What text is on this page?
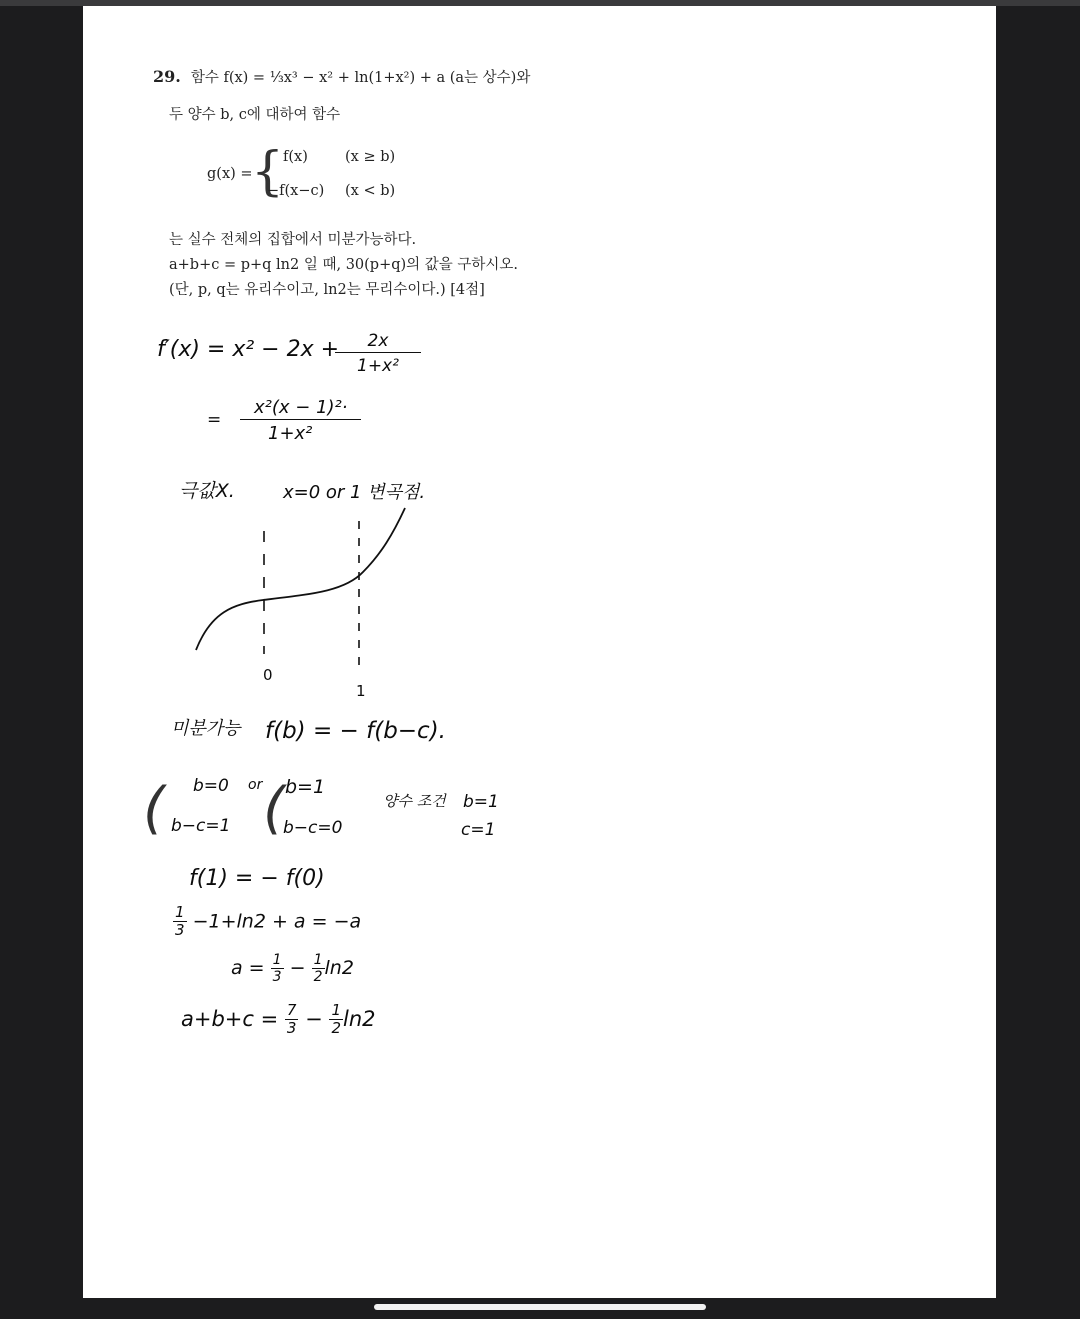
29. 함수 f(x) = ⅓x³ − x² + ln(1+x²) + a (a는 상수)와
두 양수 b, c에 대하여 함수
g(x) =
{
f(x)	(x ≥ b)
−f(x−c) (x < b)
는 실수 전체의 집합에서 미분가능하다.
a+b+c = p+q ln2 일 때, 30(p+q)의 값을 구하시오.
(단, p, q는 유리수이고, ln2는 무리수이다.) [4점]
f′(x) = x² − 2x +
$\frac{2x}{\text{1+x²}}$
= $\frac{\text{x²(x − 1)²·}}{\text{1+x²}}$
극값X.	x=0 or 1 변곡점.
0
1
미분가능 f(b) = − f(b−c).
( b=0
b−c=1
or ( b=1
b−c=0
양수 조건 b=1
c=1
f(1) = − f(0)
$\frac{1}{3} -1+\ln 2 + a = -a$
$a = \frac{1}{3} - \frac{1}{2} \ln 2$
$a+b+c = \frac{7}{3} - \frac{1}{2} \ln 2$
